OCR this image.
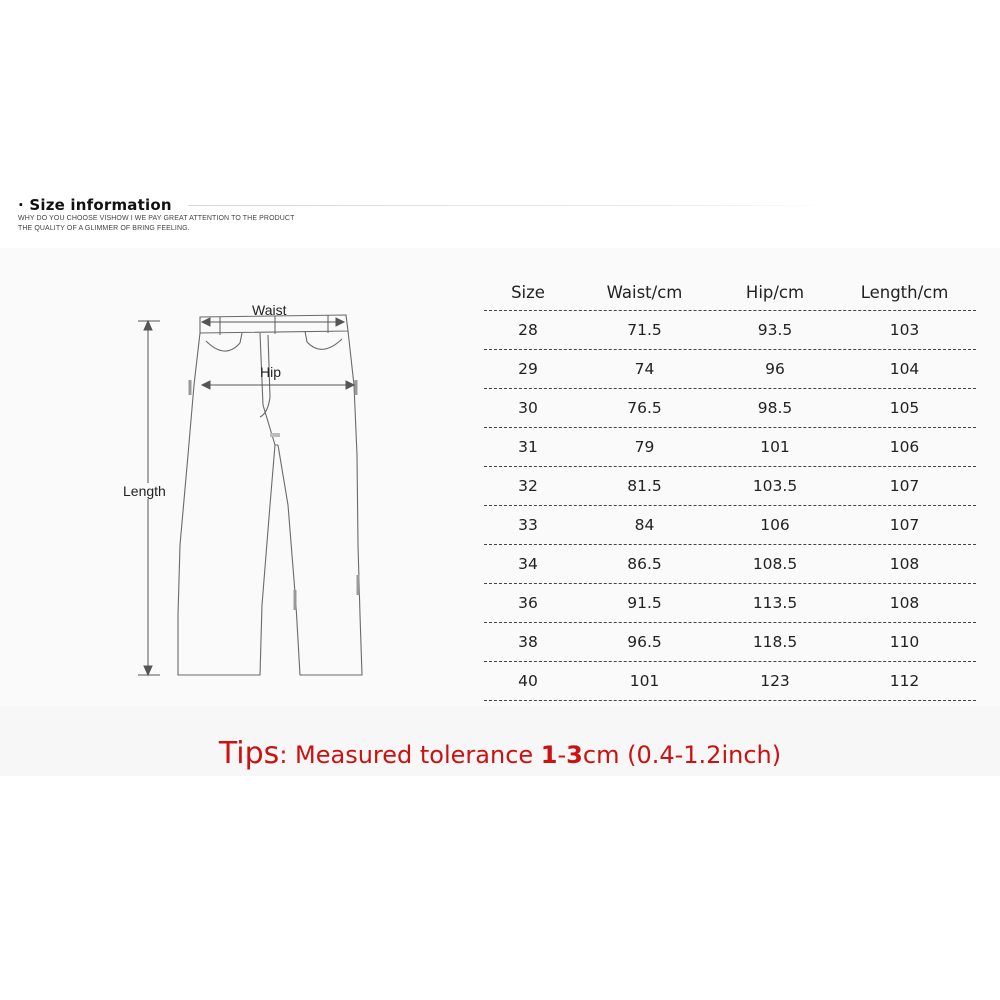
· Size information
WHY DO YOU CHOOSE VISHOW I WE PAY GREAT ATTENTION TO THE PRODUCT
THE QUALITY OF A GLIMMER OF BRING FEELING.
Waist
Hip
Length
Size	Waist/cm	Hip/cm	Length/cm
28	71.5	93.5	103
29	74	96	104
30	76.5	98.5	105
31	79	101	106
32	81.5	103.5	107
33	84	106	107
34	86.5	108.5	108
36	91.5	113.5	108
38	96.5	118.5	110
40	101	123	112
Tips: Measured tolerance 1-3cm (0.4-1.2inch)
